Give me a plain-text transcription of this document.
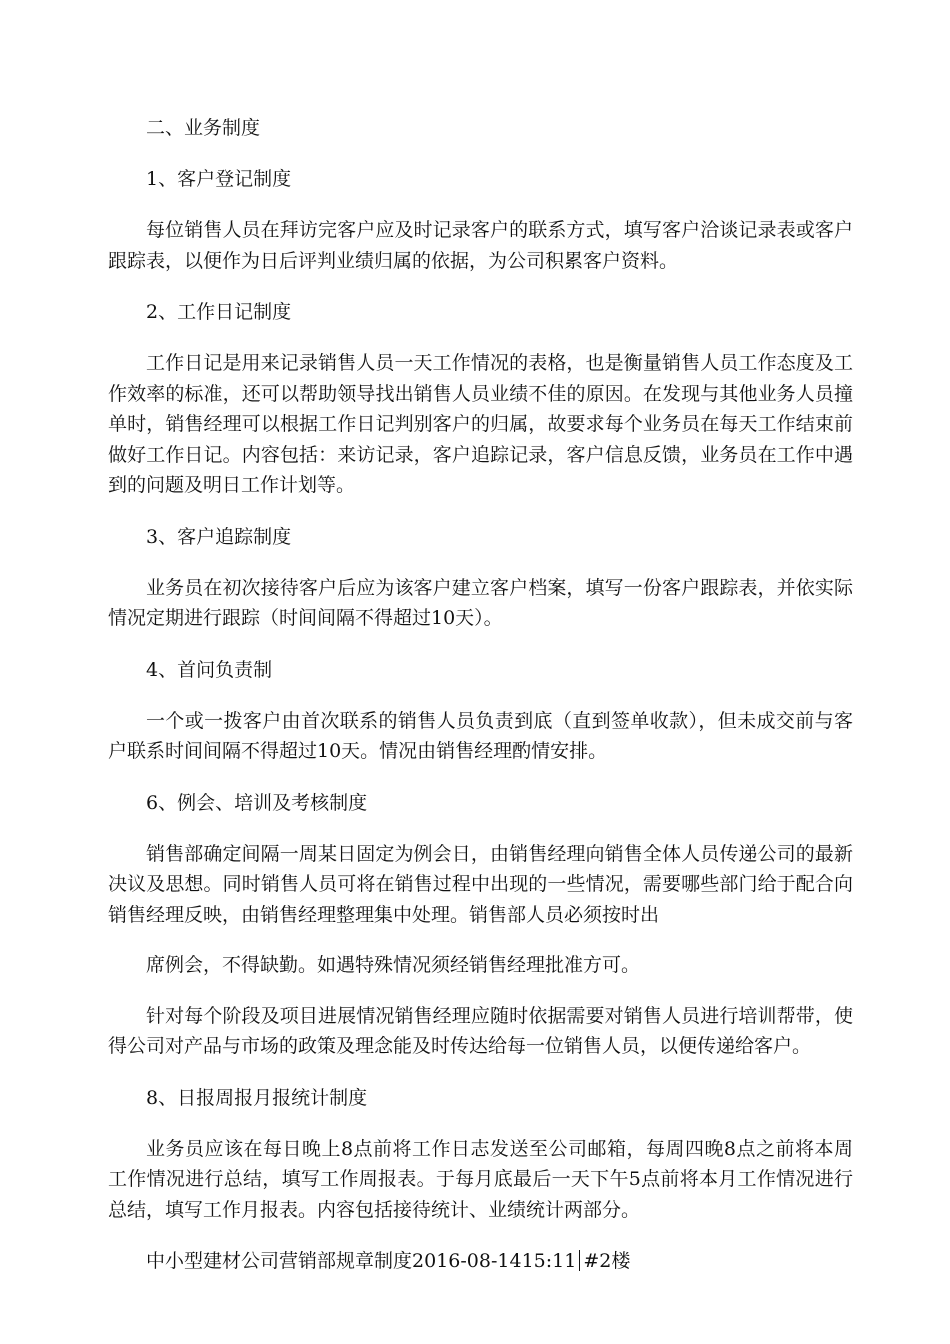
二、业务制度

1、客户登记制度

每位销售人员在拜访完客户应及时记录客户的联系方式，填写客户洽谈记录表或客户跟踪表，以便作为日后评判业绩归属的依据，为公司积累客户资料。

2、工作日记制度

工作日记是用来记录销售人员一天工作情况的表格，也是衡量销售人员工作态度及工作效率的标准，还可以帮助领导找出销售人员业绩不佳的原因。在发现与其他业务人员撞单时，销售经理可以根据工作日记判别客户的归属，故要求每个业务员在每天工作结束前做好工作日记。内容包括：来访记录，客户追踪记录，客户信息反馈，业务员在工作中遇到的问题及明日工作计划等。

3、客户追踪制度

业务员在初次接待客户后应为该客户建立客户档案，填写一份客户跟踪表，并依实际情况定期进行跟踪（时间间隔不得超过10天）。

4、首问负责制

一个或一拨客户由首次联系的销售人员负责到底（直到签单收款），但未成交前与客户联系时间间隔不得超过10天。情况由销售经理酌情安排。

6、例会、培训及考核制度

销售部确定间隔一周某日固定为例会日，由销售经理向销售全体人员传递公司的最新决议及思想。同时销售人员可将在销售过程中出现的一些情况，需要哪些部门给于配合向销售经理反映，由销售经理整理集中处理。销售部人员必须按时出

席例会，不得缺勤。如遇特殊情况须经销售经理批准方可。

针对每个阶段及项目进展情况销售经理应随时依据需要对销售人员进行培训帮带，使得公司对产品与市场的政策及理念能及时传达给每一位销售人员，以便传递给客户。

8、日报周报月报统计制度

业务员应该在每日晚上8点前将工作日志发送至公司邮箱，每周四晚8点之前将本周工作情况进行总结，填写工作周报表。于每月底最后一天下午5点前将本月工作情况进行总结，填写工作月报表。内容包括接待统计、业绩统计两部分。

中小型建材公司营销部规章制度2016-08-1415:11 #2楼
